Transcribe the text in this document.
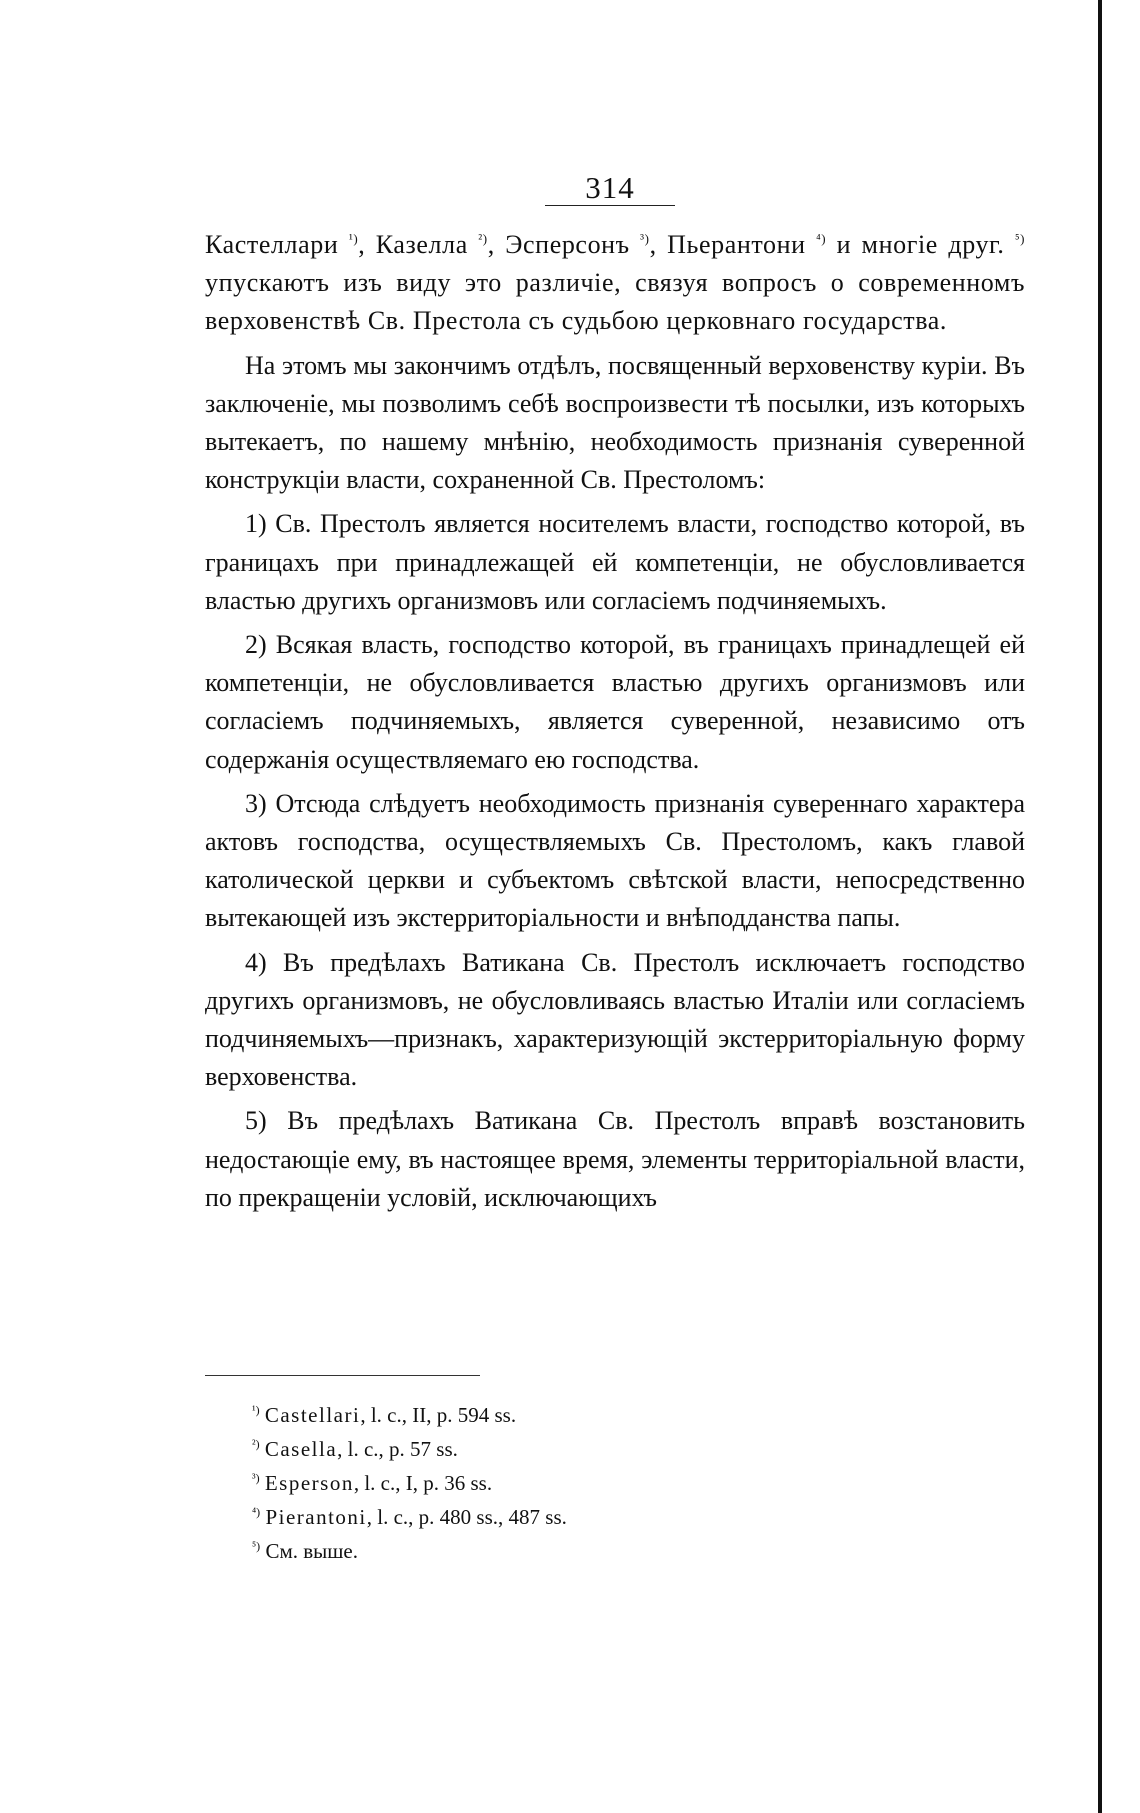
314

Кастеллари $^{^1)}$, Казелла $^{^2)}$, Эсперсонъ $^{^3)}$, Пьерантони $^{^4)}$ и многіе друг. $^{^5)}$ упускаютъ изъ виду это различіе, связуя вопросъ о современномъ верховенствѣ Св. Престола съ судьбою церковнаго государства.

На этомъ мы закончимъ отдѣлъ, посвященный верховенству куріи. Въ заключеніе, мы позволимъ себѣ воспроизвести тѣ посылки, изъ которыхъ вытекаетъ, по нашему мнѣнію, необходимость признанія суверенной конструкціи власти, сохраненной Св. Престоломъ:

1) Св. Престолъ является носителемъ власти, господство которой, въ границахъ при принадлежащей ей компетенціи, не обусловливается властью другихъ организмовъ или согласіемъ подчиняемыхъ.

2) Всякая власть, господство которой, въ границахъ принадлещей ей компетенціи, не обусловливается властью другихъ организмовъ или согласіемъ подчиняемыхъ, является суверенной, независимо отъ содержанія осуществляемаго ею господства.

3) Отсюда слѣдуетъ необходимость признанія сувереннаго характера актовъ господства, осуществляемыхъ Св. Престоломъ, какъ главой католической церкви и субъектомъ свѣтской власти, непосредственно вытекающей изъ экстерриторіальности и внѣподданства папы.

4) Въ предѣлахъ Ватикана Св. Престолъ исключаетъ господство другихъ организмовъ, не обусловливаясь властью Италіи или согласіемъ подчиняемыхъ—признакъ, характеризующій экстерриторіальную форму верховенства.

5) Въ предѣлахъ Ватикана Св. Престолъ вправѣ возстановить недостающіе ему, въ настоящее время, элементы территоріальной власти, по прекращеніи условій, исключающихъ

$^{^1)}$ Castellari, l. c., II, p. 594 ss.
$^{^2)}$ Casella, l. c., p. 57 ss.
$^{^3)}$ Esperson, l. c., I, p. 36 ss.
$^{^4)}$ Pierantoni, l. c., p. 480 ss., 487 ss.
$^{^5)}$ См. выше.
